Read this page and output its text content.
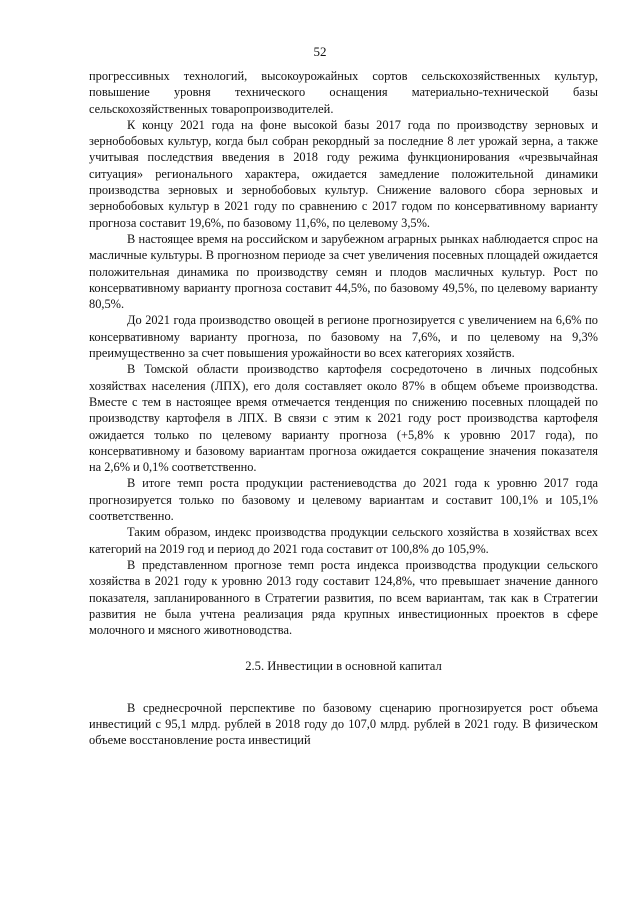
52

прогрессивных технологий, высокоурожайных сортов сельскохозяйственных культур, повышение уровня технического оснащения материально-технической базы сельскохозяйственных товаропроизводителей.

К концу 2021 года на фоне высокой базы 2017 года по производству зерновых и зернобобовых культур, когда был собран рекордный за последние 8 лет урожай зерна, а также учитывая последствия введения в 2018 году режима функционирования «чрезвычайная ситуация» регионального характера, ожидается замедление положительной динамики производства зерновых и зернобобовых культур. Снижение валового сбора зерновых и зернобобовых культур в 2021 году по сравнению с 2017 годом по консервативному варианту прогноза составит 19,6%, по базовому 11,6%, по целевому 3,5%.

В настоящее время на российском и зарубежном аграрных рынках наблюдается спрос на масличные культуры. В прогнозном периоде за счет увеличения посевных площадей ожидается положительная динамика по производству семян и плодов масличных культур. Рост по консервативному варианту прогноза составит 44,5%, по базовому 49,5%, по целевому варианту 80,5%.

До 2021 года производство овощей в регионе прогнозируется с увеличением на 6,6% по консервативному варианту прогноза, по базовому на 7,6%, и по целевому на 9,3% преимущественно за счет повышения урожайности во всех категориях хозяйств.

В Томской области производство картофеля сосредоточено в личных подсобных хозяйствах населения (ЛПХ), его доля составляет около 87% в общем объеме производства. Вместе с тем в настоящее время отмечается тенденция по снижению посевных площадей по производству картофеля в ЛПХ. В связи с этим к 2021 году рост производства картофеля ожидается только по целевому варианту прогноза (+5,8% к уровню 2017 года), по консервативному и базовому вариантам прогноза ожидается сокращение значения показателя на 2,6% и 0,1% соответственно.

В итоге темп роста продукции растениеводства до 2021 года к уровню 2017 года прогнозируется только по базовому и целевому вариантам и составит 100,1% и 105,1% соответственно.

Таким образом, индекс производства продукции сельского хозяйства в хозяйствах всех категорий на 2019 год и период до 2021 года составит от 100,8% до 105,9%.

В представленном прогнозе темп роста индекса производства продукции сельского хозяйства в 2021 году к уровню 2013 году составит 124,8%, что превышает значение данного показателя, запланированного в Стратегии развития, по всем вариантам, так как в Стратегии развития не была учтена реализация ряда крупных инвестиционных проектов в сфере молочного и мясного животноводства.

2.5. Инвестиции в основной капитал

В среднесрочной перспективе по базовому сценарию прогнозируется рост объема инвестиций с 95,1 млрд. рублей в 2018 году до 107,0 млрд. рублей в 2021 году. В физическом объеме восстановление роста инвестиций
